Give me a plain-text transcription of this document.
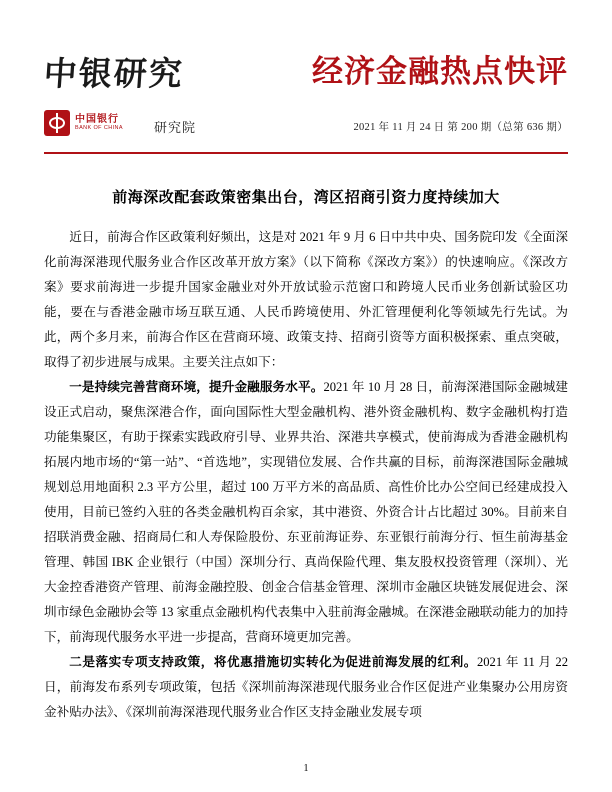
中银研究	经济金融热点快评
中国银行
BANK OF CHINA 研究院	2021 年 11 月 24 日 第 200 期（总第 636 期）
前海深改配套政策密集出台，湾区招商引资力度持续加大

近日，前海合作区政策利好频出，这是对 2021 年 9 月 6 日中共中央、国务院印发《全面深化前海深港现代服务业合作区改革开放方案》（以下简称《深改方案》）的快速响应。《深改方案》要求前海进一步提升国家金融业对外开放试验示范窗口和跨境人民币业务创新试验区功能，要在与香港金融市场互联互通、人民币跨境使用、外汇管理便利化等领域先行先试。为此，两个多月来，前海合作区在营商环境、政策支持、招商引资等方面积极探索、重点突破，取得了初步进展与成果。主要关注点如下：

一是持续完善营商环境，提升金融服务水平。2021 年 10 月 28 日，前海深港国际金融城建设正式启动，聚焦深港合作，面向国际性大型金融机构、港外资金融机构、数字金融机构打造功能集聚区，有助于探索实践政府引导、业界共治、深港共享模式，使前海成为香港金融机构拓展内地市场的“第一站”、“首选地”，实现错位发展、合作共赢的目标，前海深港国际金融城规划总用地面积 2.3 平方公里，超过 100 万平方米的高品质、高性价比办公空间已经建成投入使用，目前已签约入驻的各类金融机构百余家，其中港资、外资合计占比超过 30%。目前来自招联消费金融、招商局仁和人寿保险股份、东亚前海证券、东亚银行前海分行、恒生前海基金管理、韩国 IBK 企业银行（中国）深圳分行、真尚保险代理、集友股权投资管理（深圳）、光大金控香港资产管理、前海金融控股、创金合信基金管理、深圳市金融区块链发展促进会、深圳市绿色金融协会等 13 家重点金融机构代表集中入驻前海金融城。在深港金融联动能力的加持下，前海现代服务水平进一步提高，营商环境更加完善。

二是落实专项支持政策，将优惠措施切实转化为促进前海发展的红利。2021 年 11 月 22 日，前海发布系列专项政策，包括《深圳前海深港现代服务业合作区促进产业集聚办公用房资金补贴办法》、《深圳前海深港现代服务业合作区支持金融业发展专项

1
